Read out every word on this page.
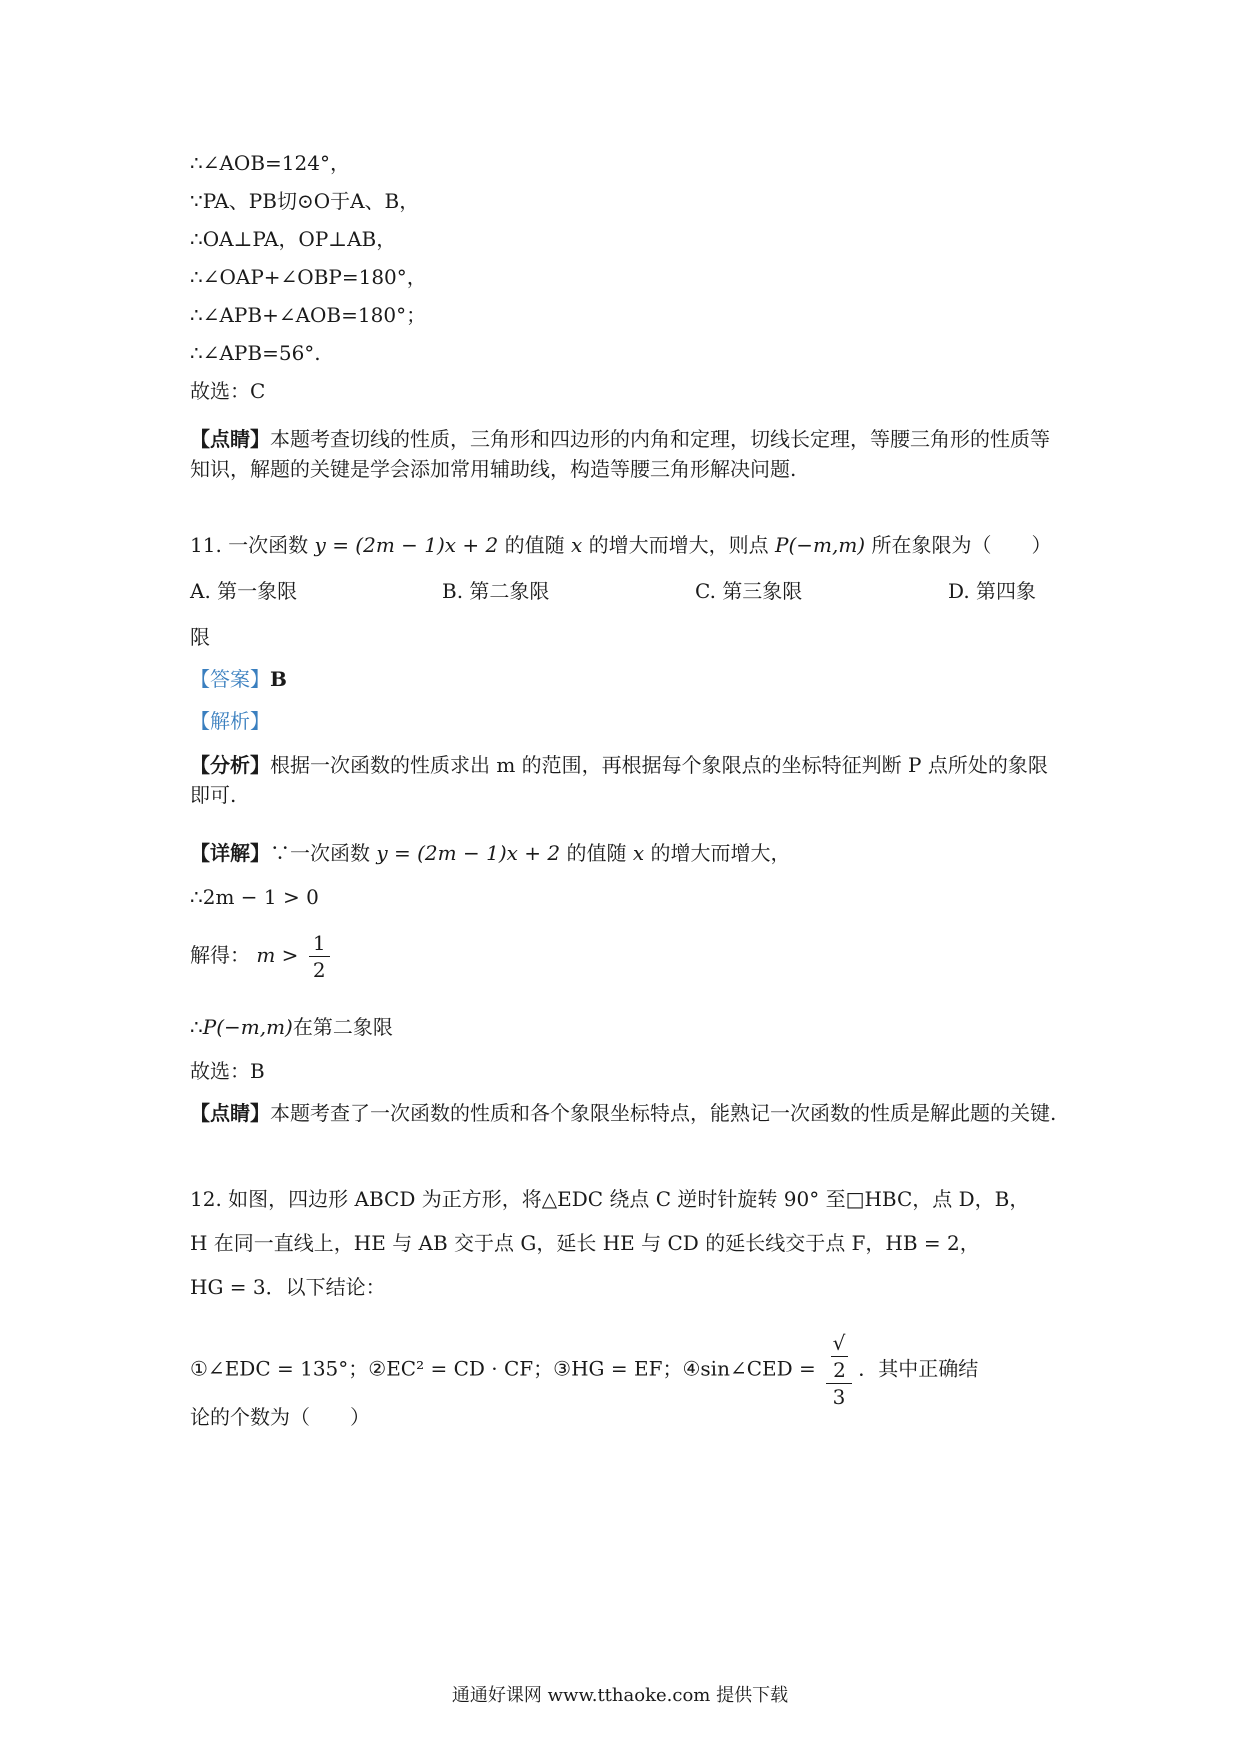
∴∠AOB=124°，
∵PA、PB切⊙O于A、B，
∴OA⊥PA，OP⊥AB，
∴∠OAP+∠OBP=180°，
∴∠APB+∠AOB=180°；
∴∠APB=56°.
故选：C
【点睛】本题考查切线的性质，三角形和四边形的内角和定理，切线长定理，等腰三角形的性质等知识，解题的关键是学会添加常用辅助线，构造等腰三角形解决问题.
11. 一次函数 y = (2m − 1)x + 2 的值随 x 的增大而增大，则点 P(−m,m) 所在象限为（　　）
A. 第一象限	B. 第二象限	C. 第三象限	D. 第四象
限
【答案】B
【解析】
【分析】根据一次函数的性质求出 m 的范围，再根据每个象限点的坐标特征判断 P 点所处的象限即可.
【详解】∵一次函数 y = (2m − 1)x + 2 的值随 x 的增大而增大，
∴2m − 1 > 0
解得： $m > \frac{1}{2}$
∴P(−m,m)在第二象限
故选：B
【点睛】本题考查了一次函数的性质和各个象限坐标特点，能熟记一次函数的性质是解此题的关键.
12. 如图，四边形 ABCD 为正方形，将△EDC 绕点 C 逆时针旋转 90° 至□HBC，点 D，B，
H 在同一直线上，HE 与 AB 交于点 G，延长 HE 与 CD 的延长线交于点 F，HB = 2，
HG = 3．以下结论：
①∠EDC = 135°；②EC² = CD · CF；③HG = EF；④sin∠CED = √
2
3 ．其中正确结
论的个数为（　　）
通通好课网 www.tthaoke.com 提供下载
